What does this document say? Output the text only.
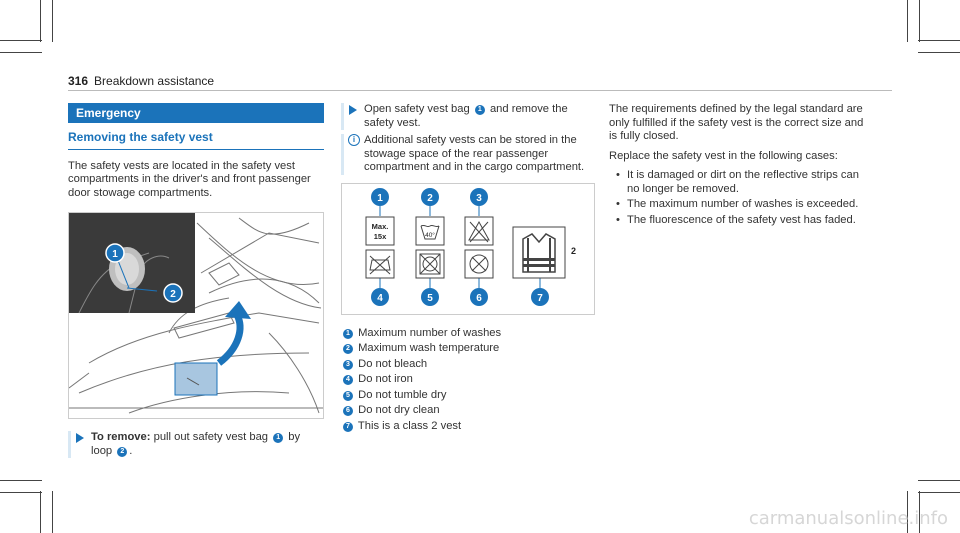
316 Breakdown assistance
Emergency
Removing the safety vest

The safety vests are located in the safety vest compartments in the driver's and front passenger door stowage compartments.

1
2
To remove: pull out safety vest bag 1 by loop 2 .
Open safety vest bag 1 and remove the safety vest.
i Additional safety vests can be stored in the stowage space of the rear passenger compartment and in the cargo compartment.
Max.
15x	40°
2
1	2	3
4	5	6	7
1 Maximum number of washes
2 Maximum wash temperature
3 Do not bleach
4 Do not iron
5 Do not tumble dry
6 Do not dry clean
7 This is a class 2 vest

The requirements defined by the legal standard are only fulfilled if the safety vest is the correct size and is fully closed.

Replace the safety vest in the following cases:

• It is damaged or dirt on the reflective strips can no longer be removed.
• The maximum number of washes is exceeded.
• The fluorescence of the safety vest has faded.
carmanualsonline.info
